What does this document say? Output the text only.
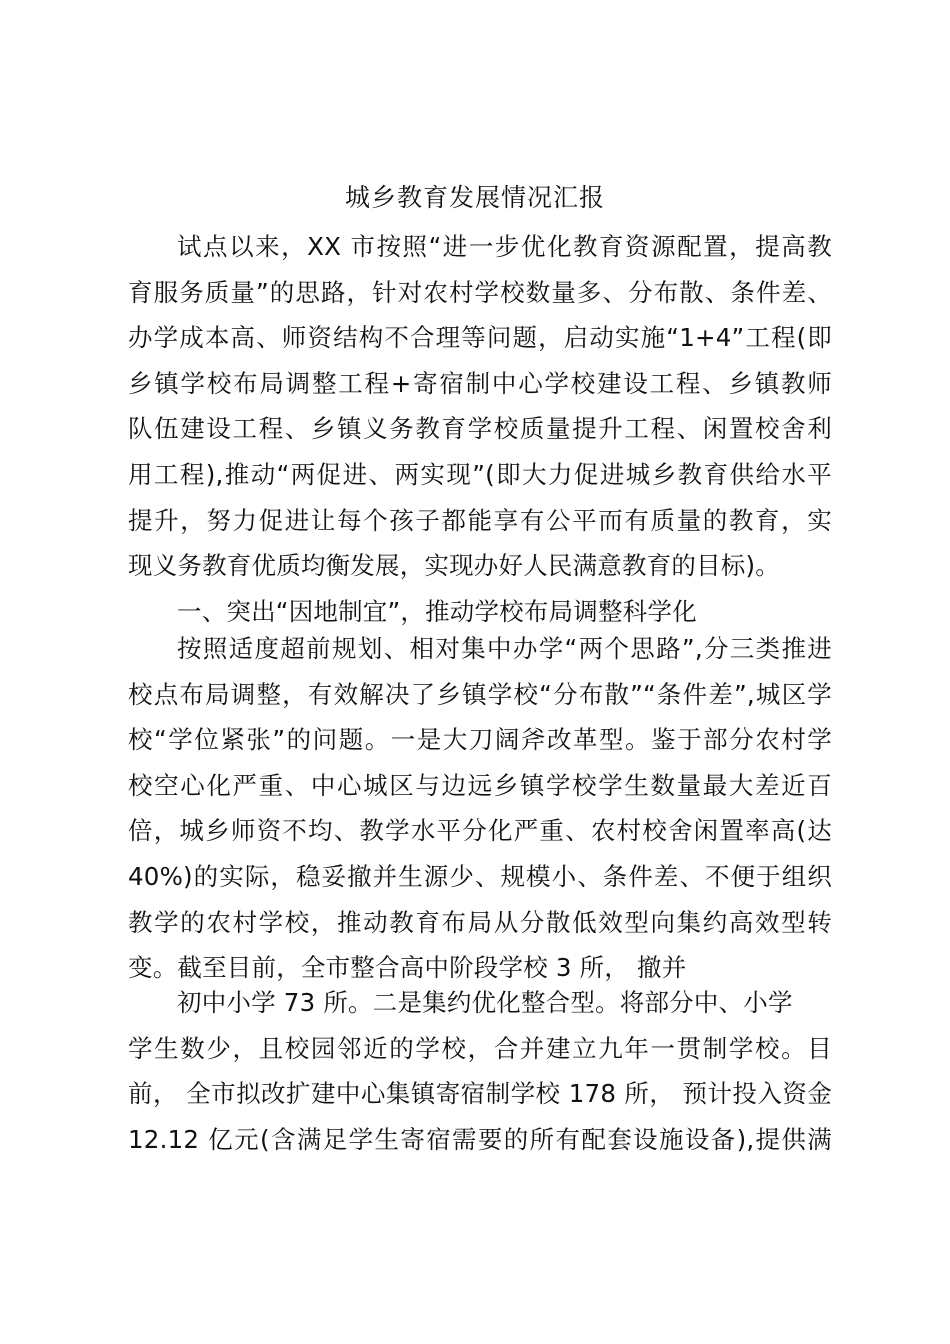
城乡教育发展情况汇报
试点以来，XX 市按照“进一步优化教育资源配置，提高教
育服务质量”的思路，针对农村学校数量多、分布散、条件差、
办学成本高、师资结构不合理等问题，启动实施“1+4”工程(即
乡镇学校布局调整工程+寄宿制中心学校建设工程、乡镇教师
队伍建设工程、乡镇义务教育学校质量提升工程、闲置校舍利
用工程),推动“两促进、两实现”(即大力促进城乡教育供给水平
提升，努力促进让每个孩子都能享有公平而有质量的教育，实
现义务教育优质均衡发展，实现办好人民满意教育的目标)。
一、突出“因地制宜”，推动学校布局调整科学化
按照适度超前规划、相对集中办学“两个思路”,分三类推进
校点布局调整，有效解决了乡镇学校“分布散”“条件差”,城区学
校“学位紧张”的问题。一是大刀阔斧改革型。鉴于部分农村学
校空心化严重、中心城区与边远乡镇学校学生数量最大差近百
倍，城乡师资不均、教学水平分化严重、农村校舍闲置率高(达
40%)的实际，稳妥撤并生源少、规模小、条件差、不便于组织
教学的农村学校，推动教育布局从分散低效型向集约高效型转
变。截至目前，全市整合高中阶段学校 3 所， 撤并
初中小学 73 所。二是集约优化整合型。将部分中、小学
学生数少，且校园邻近的学校，合并建立九年一贯制学校。目
前， 全市拟改扩建中心集镇寄宿制学校 178 所， 预计投入资金
12.12 亿元(含满足学生寄宿需要的所有配套设施设备),提供满
